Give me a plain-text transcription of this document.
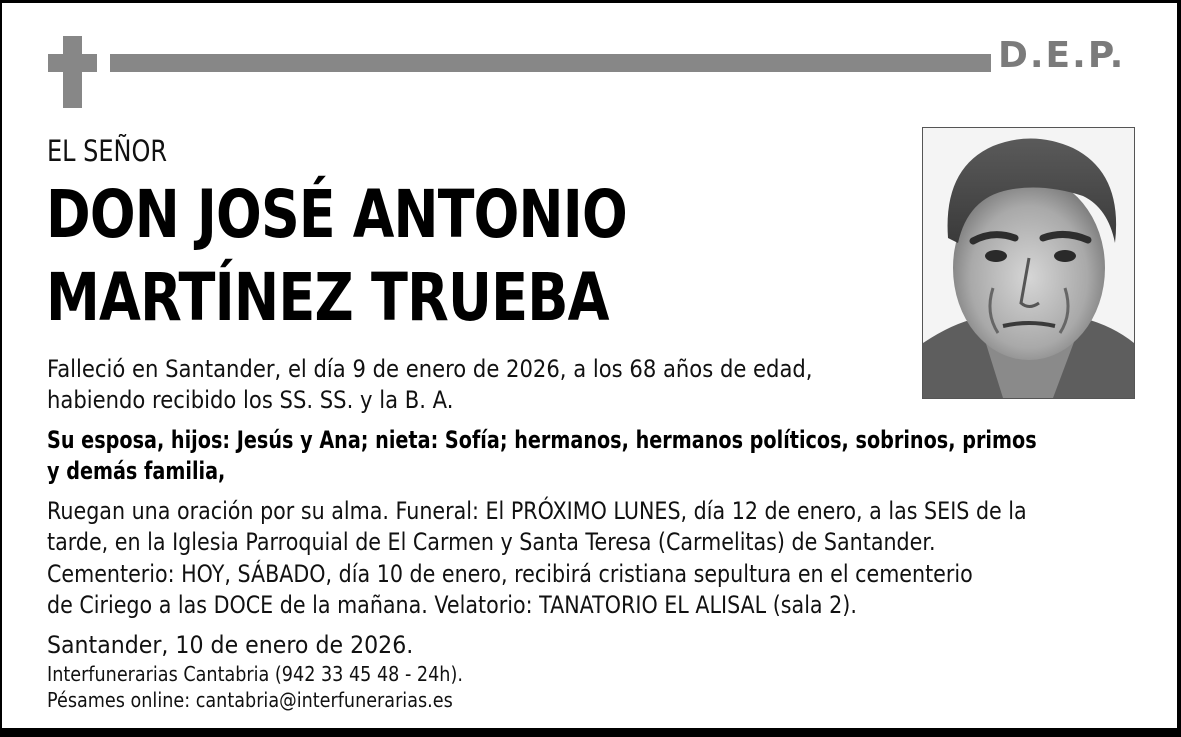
D.E.P.
EL SEÑOR
DON JOSÉ ANTONIO
MARTÍNEZ TRUEBA
Falleció en Santander, el día 9 de enero de 2026, a los 68 años de edad,
habiendo recibido los SS. SS. y la B. A.
Su esposa, hijos: Jesús y Ana; nieta: Sofía; hermanos, hermanos políticos, sobrinos, primos
y demás familia,
Ruegan una oración por su alma. Funeral: El PRÓXIMO LUNES, día 12 de enero, a las SEIS de la
tarde, en la Iglesia Parroquial de El Carmen y Santa Teresa (Carmelitas) de Santander.
Cementerio: HOY, SÁBADO, día 10 de enero, recibirá cristiana sepultura en el cementerio
de Ciriego a las DOCE de la mañana. Velatorio: TANATORIO EL ALISAL (sala 2).
Santander, 10 de enero de 2026.
Interfunerarias Cantabria (942 33 45 48 - 24h).
Pésames online: cantabria@interfunerarias.es
